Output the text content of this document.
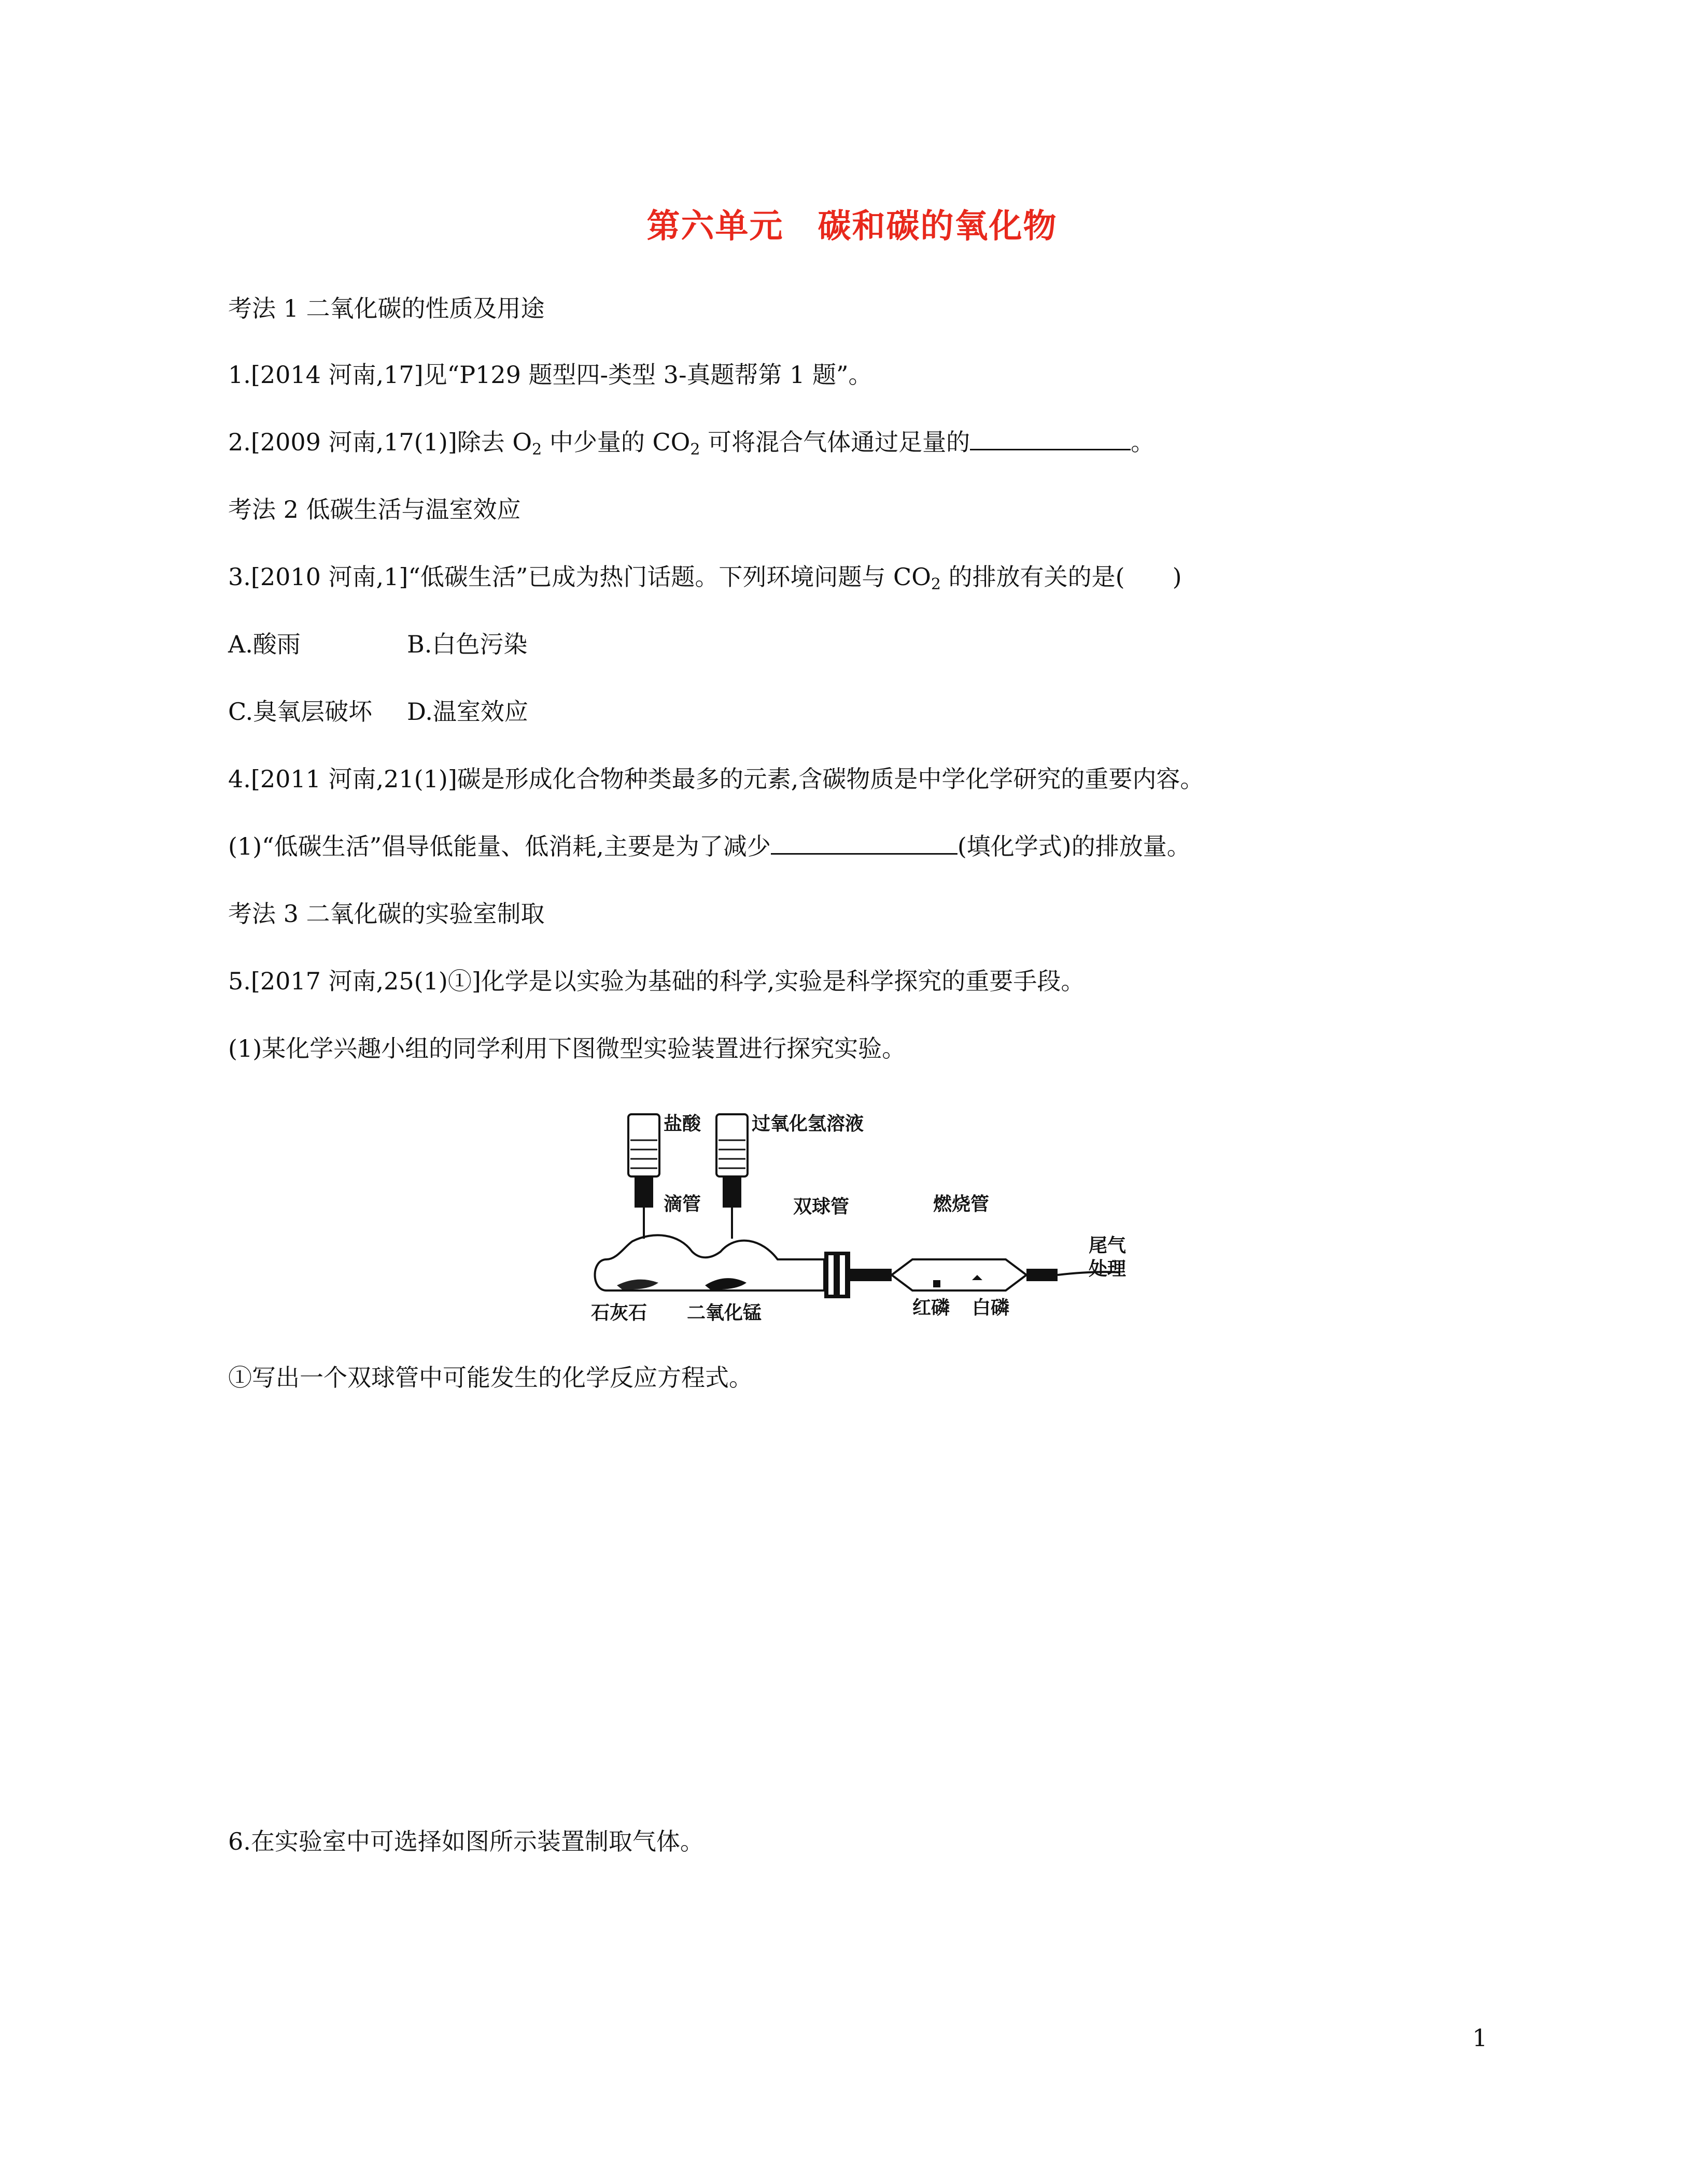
第六单元　碳和碳的氧化物
考法 1 二氧化碳的性质及用途
1.[2014 河南,17]见“P129 题型四-类型 3-真题帮第 1 题”。
2.[2009 河南,17(1)]除去 $O_2$ 中少量的 $CO_2$ 可将混合气体通过足量的	。
考法 2 低碳生活与温室效应
3.[2010 河南,1]“低碳生活”已成为热门话题。下列环境问题与 $CO_2$ 的排放有关的是(　　)
A.酸雨	B.白色污染
C.臭氧层破坏 D.温室效应
4.[2011 河南,21(1)]碳是形成化合物种类最多的元素,含碳物质是中学化学研究的重要内容。
(1)“低碳生活”倡导低能量、低消耗,主要是为了减少	(填化学式)的排放量。
考法 3 二氧化碳的实验室制取
5.[2017 河南,25(1)①]化学是以实验为基础的科学,实验是科学探究的重要手段。
(1)某化学兴趣小组的同学利用下图微型实验装置进行探究实验。
盐酸	过氧化氢溶液
滴管	双球管	燃烧管
尾气
处理
石灰石 二氧化锰	红磷 白磷
①写出一个双球管中可能发生的化学反应方程式。
6.在实验室中可选择如图所示装置制取气体。
1
